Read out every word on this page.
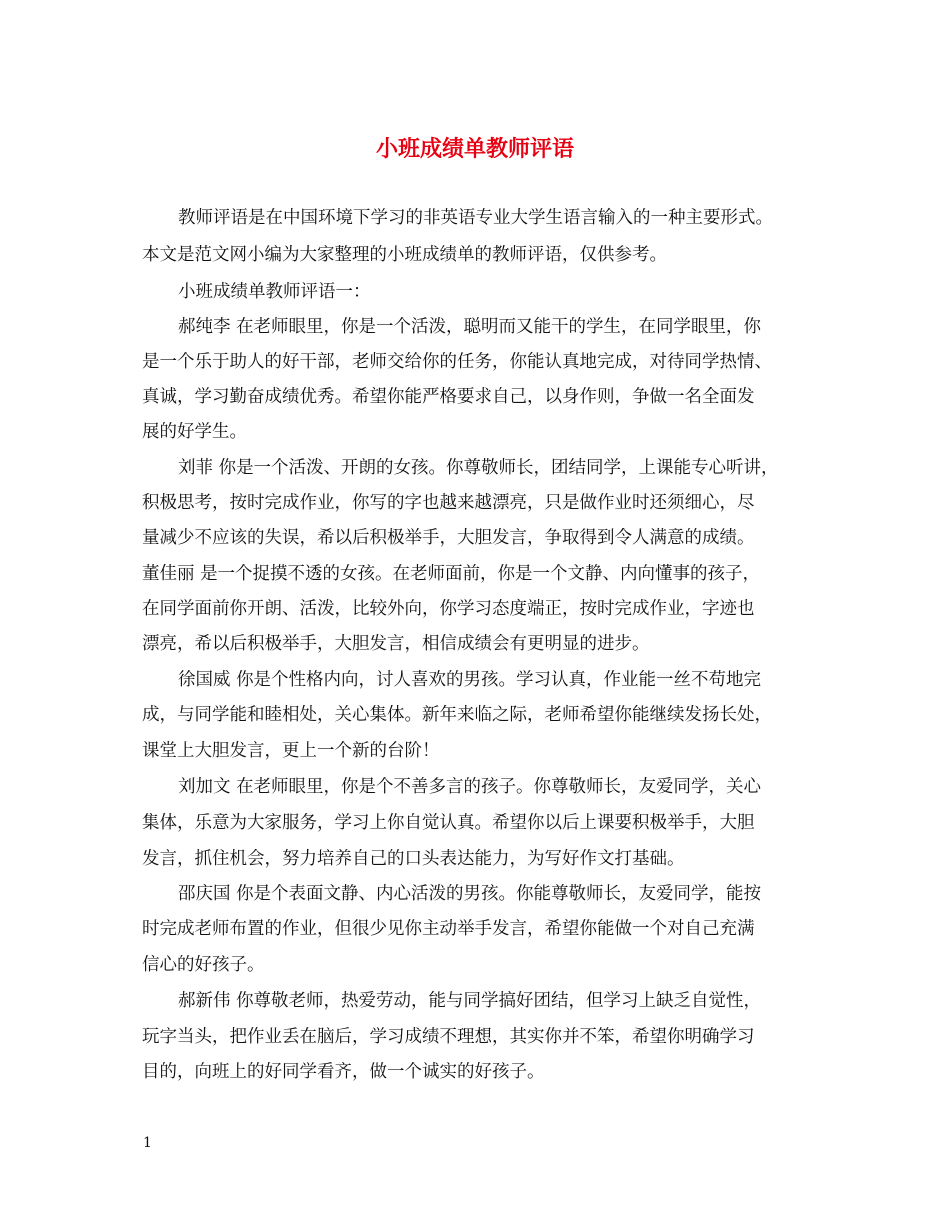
小班成绩单教师评语
教师评语是在中国环境下学习的非英语专业大学生语言输入的一种主要形式。
本文是范文网小编为大家整理的小班成绩单的教师评语，仅供参考。
小班成绩单教师评语一：
郝纯李 在老师眼里，你是一个活泼，聪明而又能干的学生，在同学眼里，你
是一个乐于助人的好干部，老师交给你的任务，你能认真地完成，对待同学热情、
真诚，学习勤奋成绩优秀。希望你能严格要求自己，以身作则，争做一名全面发
展的好学生。
刘菲 你是一个活泼、开朗的女孩。你尊敬师长，团结同学，上课能专心听讲，
积极思考，按时完成作业，你写的字也越来越漂亮，只是做作业时还须细心，尽
量减少不应该的失误，希以后积极举手，大胆发言，争取得到令人满意的成绩。
董佳丽 是一个捉摸不透的女孩。在老师面前，你是一个文静、内向懂事的孩子，
在同学面前你开朗、活泼，比较外向，你学习态度端正，按时完成作业，字迹也
漂亮，希以后积极举手，大胆发言，相信成绩会有更明显的进步。
徐国威 你是个性格内向，讨人喜欢的男孩。学习认真，作业能一丝不苟地完
成，与同学能和睦相处，关心集体。新年来临之际，老师希望你能继续发扬长处，
课堂上大胆发言，更上一个新的台阶！
刘加文 在老师眼里，你是个不善多言的孩子。你尊敬师长，友爱同学，关心
集体，乐意为大家服务，学习上你自觉认真。希望你以后上课要积极举手，大胆
发言，抓住机会，努力培养自己的口头表达能力，为写好作文打基础。
邵庆国 你是个表面文静、内心活泼的男孩。你能尊敬师长，友爱同学，能按
时完成老师布置的作业，但很少见你主动举手发言，希望你能做一个对自己充满
信心的好孩子。
郝新伟 你尊敬老师，热爱劳动，能与同学搞好团结，但学习上缺乏自觉性，
玩字当头，把作业丢在脑后，学习成绩不理想，其实你并不笨，希望你明确学习
目的，向班上的好同学看齐，做一个诚实的好孩子。
1
